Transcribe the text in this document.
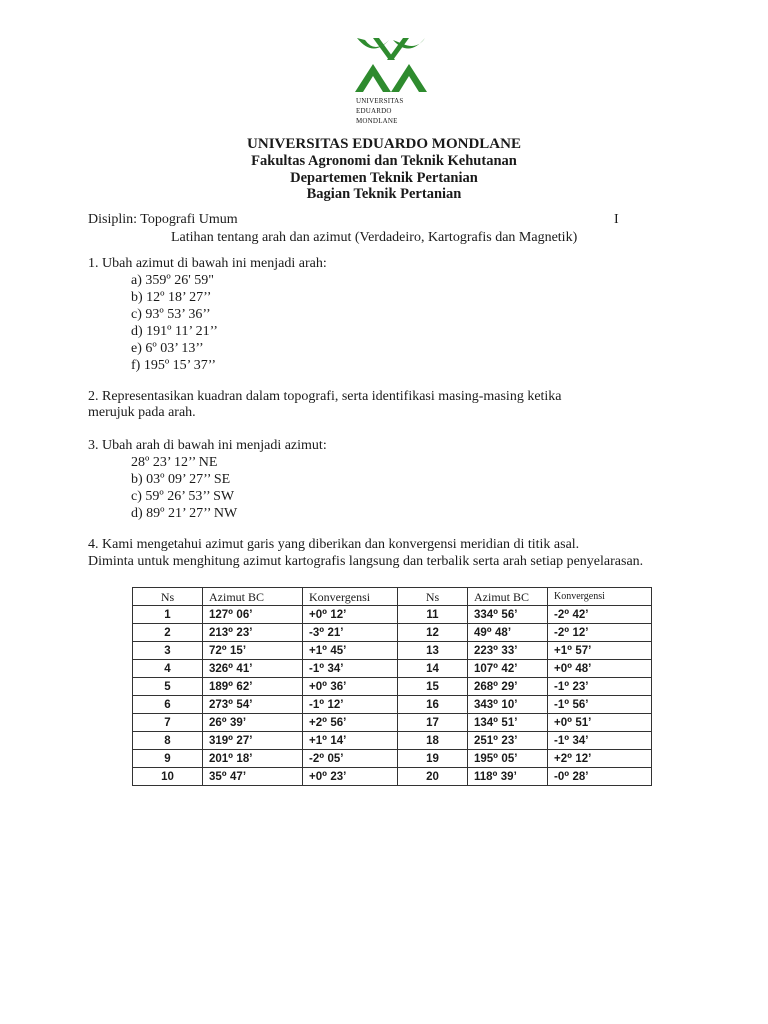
UNIVERSITAS
EDUARDO
MONDLANE
UNIVERSITAS EDUARDO MONDLANE
Fakultas Agronomi dan Teknik Kehutanan
Departemen Teknik Pertanian
Bagian Teknik Pertanian
Disiplin: Topografi Umum	I
Latihan tentang arah dan azimut (Verdadeiro, Kartografis dan Magnetik)
1. Ubah azimut di bawah ini menjadi arah:
a) 359º 26' 59"
b) 12º 18’ 27’’
c) 93º 53’ 36’’
d) 191º 11’ 21’’
e) 6º 03’ 13’’
f) 195º 15’ 37’’
2. Representasikan kuadran dalam topografi, serta identifikasi masing-masing ketika
merujuk pada arah.
3. Ubah arah di bawah ini menjadi azimut:
28º 23’ 12’’ NE
b) 03º 09’ 27’’ SE
c) 59º 26’ 53’’ SW
d) 89º 21’ 27’’ NW
4. Kami mengetahui azimut garis yang diberikan dan konvergensi meridian di titik asal.
Diminta untuk menghitung azimut kartografis langsung dan terbalik serta arah setiap penyelarasan.
Ns	Azimut BC	Konvergensi	Ns	Azimut BC	Konvergensi
1	127⁰ 06’	+0⁰ 12’	11	334⁰ 56’	-2⁰ 42’
2	213⁰ 23’	-3⁰ 21’	12	49⁰ 48’	-2⁰ 12’
3	72⁰ 15’	+1⁰ 45’	13	223⁰ 33’	+1⁰ 57’
4	326⁰ 41’	-1⁰ 34’	14	107⁰ 42’	+0⁰ 48’
5	189⁰ 62’	+0⁰ 36’	15	268⁰ 29’	-1⁰ 23’
6	273⁰ 54’	-1⁰ 12’	16	343⁰ 10’	-1⁰ 56’
7	26⁰ 39’	+2⁰ 56’	17	134⁰ 51’	+0⁰ 51’
8	319⁰ 27’	+1⁰ 14’	18	251⁰ 23’	-1⁰ 34’
9	201⁰ 18’	-2⁰ 05’	19	195⁰ 05’	+2⁰ 12’
10	35⁰ 47’	+0⁰ 23’	20	118⁰ 39’	-0⁰ 28’
